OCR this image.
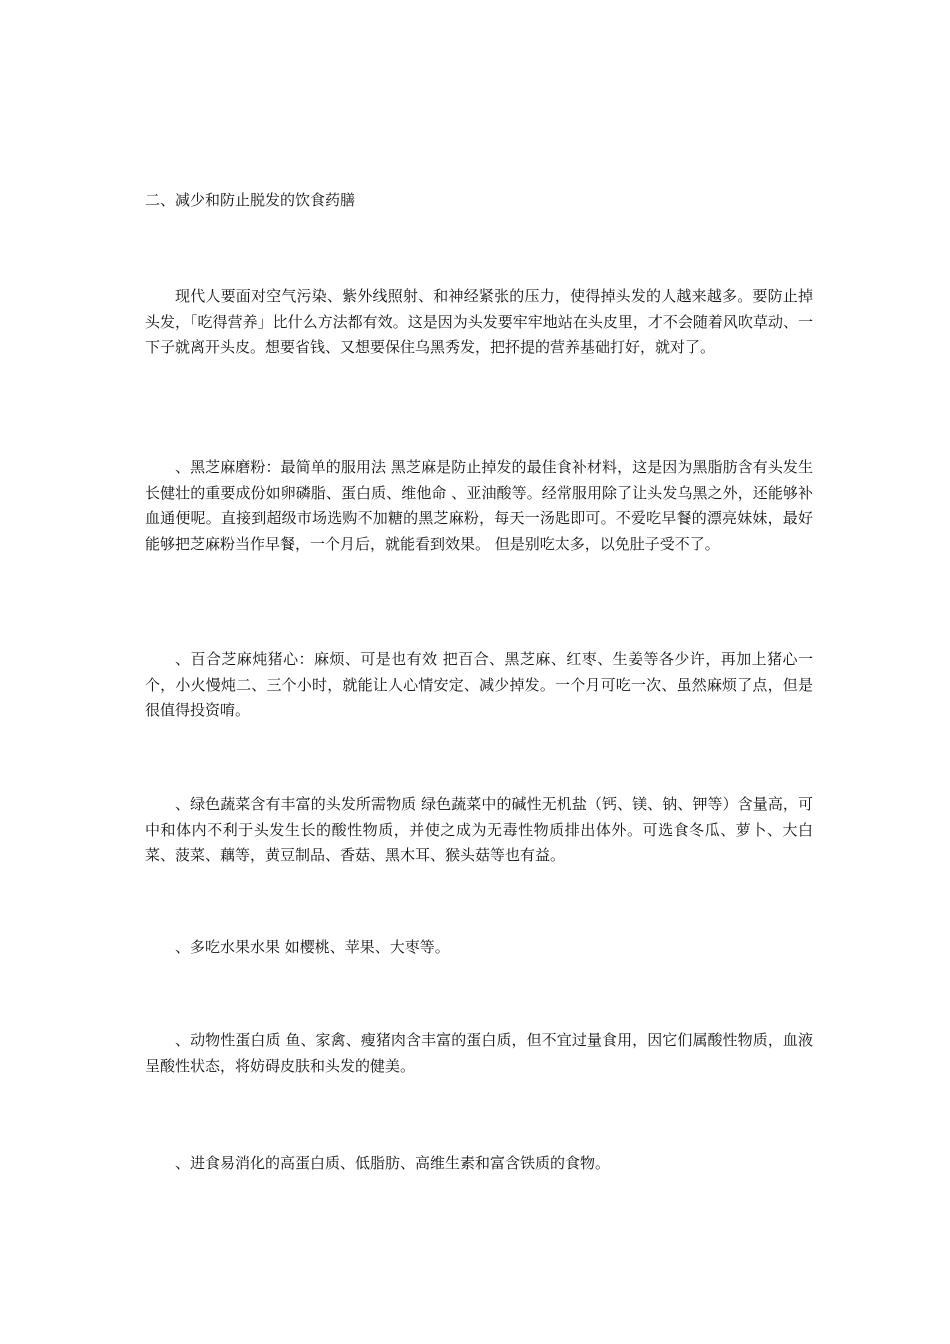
二、减少和防止脱发的饮食药膳

现代人要面对空气污染、紫外线照射、和神经紧张的压力，使得掉头发的人越来越多。要防止掉头发，「吃得营养」比什么方法都有效。这是因为头发要牢牢地站在头皮里，才不会随着风吹草动、一下子就离开头皮。想要省钱、又想要保住乌黑秀发，把抔提的营养基础打好，就对了。

、黑芝麻磨粉：最简单的服用法 黑芝麻是防止掉发的最佳食补材料，这是因为黑脂肪含有头发生长健壮的重要成份如卵磷脂、蛋白质、维他命 、亚油酸等。经常服用除了让头发乌黑之外，还能够补血通便呢。直接到超级市场选购不加糖的黑芝麻粉，每天一汤匙即可。不爱吃早餐的漂亮妹妹，最好能够把芝麻粉当作早餐，一个月后，就能看到效果。 但是别吃太多，以免肚子受不了。

、百合芝麻炖猪心：麻烦、可是也有效 把百合、黑芝麻、红枣、生姜等各少许，再加上猪心一个，小火慢炖二、三个小时，就能让人心情安定、减少掉发。一个月可吃一次、虽然麻烦了点，但是很值得投资唷。

、绿色蔬菜含有丰富的头发所需物质 绿色蔬菜中的碱性无机盐（钙、镁、钠、钾等）含量高，可中和体内不利于头发生长的酸性物质，并使之成为无毒性物质排出体外。可选食冬瓜、萝卜、大白菜、菠菜、藕等，黄豆制品、香菇、黑木耳、猴头菇等也有益。

、多吃水果水果 如樱桃、苹果、大枣等。

、动物性蛋白质 鱼、家禽、瘦猪肉含丰富的蛋白质，但不宜过量食用，因它们属酸性物质，血液呈酸性状态，将妨碍皮肤和头发的健美。

、进食易消化的高蛋白质、低脂肪、高维生素和富含铁质的食物。
